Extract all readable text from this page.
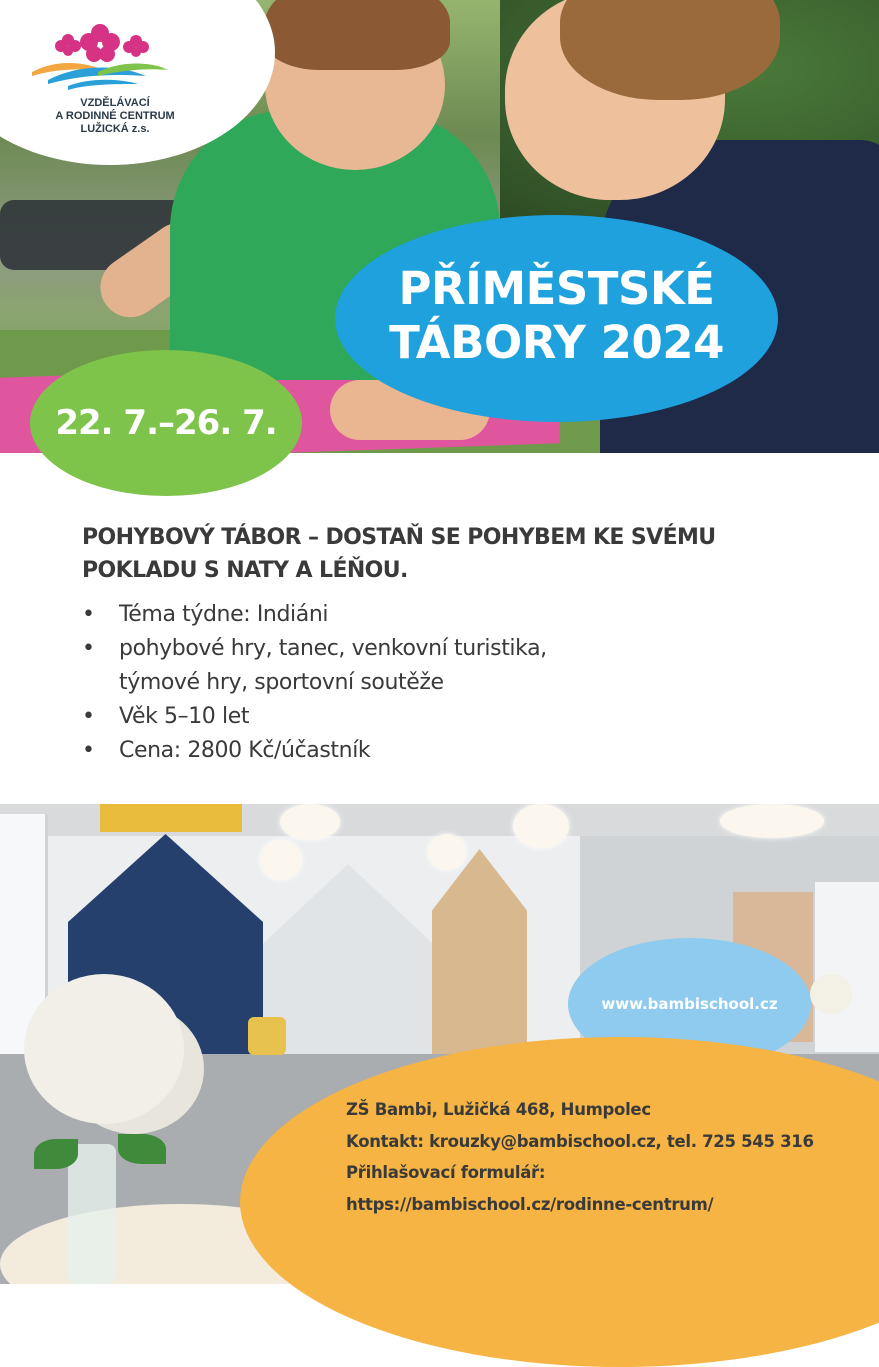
VZDĚLÁVACÍ
A RODINNÉ CENTRUM
LUŽICKÁ z.s.
PŘÍMĚSTSKÉ
TÁBORY 2024
22. 7.–26. 7.
POHYBOVÝ TÁBOR – DOSTAŇ SE POHYBEM KE SVÉMU
POKLADU S NATY A LÉŇOU.
• Téma týdne: Indiáni
• pohybové hry, tanec, venkovní turistika,
týmové hry, sportovní soutěže
• Věk 5–10 let
• Cena: 2800 Kč/účastník
www.bambischool.cz
ZŠ Bambi, Lužičká 468, Humpolec
Kontakt: krouzky@bambischool.cz, tel. 725 545 316
Přihlašovací formulář:
https://bambischool.cz/rodinne-centrum/
